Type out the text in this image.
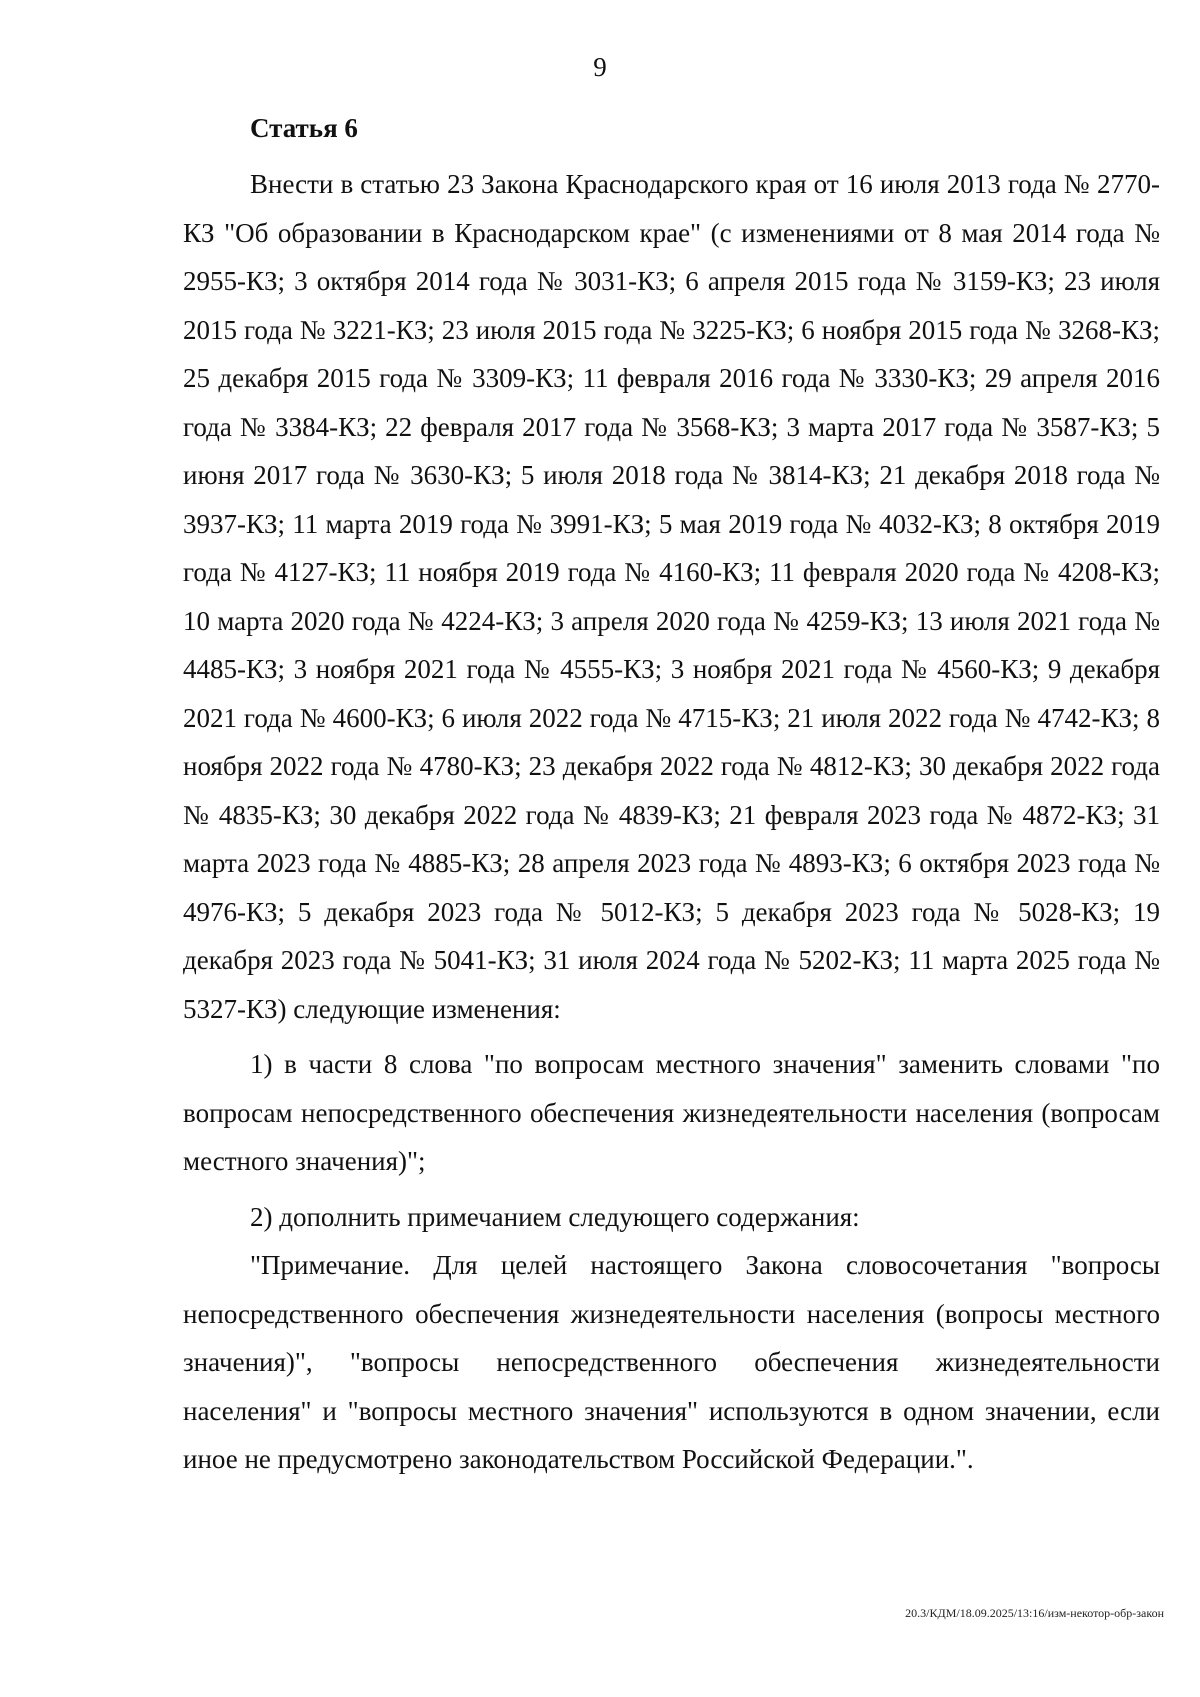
9
Статья 6

Внести в статью 23 Закона Краснодарского края от 16 июля 2013 года № 2770-КЗ "Об образовании в Краснодарском крае" (с изменениями от 8 мая 2014 года № 2955-КЗ; 3 октября 2014 года № 3031-КЗ; 6 апреля 2015 года № 3159-КЗ; 23 июля 2015 года № 3221-КЗ; 23 июля 2015 года № 3225-КЗ; 6 ноября 2015 года № 3268-КЗ; 25 декабря 2015 года № 3309-КЗ; 11 февраля 2016 года № 3330-КЗ; 29 апреля 2016 года № 3384-КЗ; 22 февраля 2017 года № 3568-КЗ; 3 марта 2017 года № 3587-КЗ; 5 июня 2017 года № 3630-КЗ; 5 июля 2018 года № 3814-КЗ; 21 декабря 2018 года № 3937-КЗ; 11 марта 2019 года № 3991-КЗ; 5 мая 2019 года № 4032-КЗ; 8 октября 2019 года № 4127-КЗ; 11 ноября 2019 года № 4160-КЗ; 11 февраля 2020 года № 4208-КЗ; 10 марта 2020 года № 4224-КЗ; 3 апреля 2020 года № 4259-КЗ; 13 июля 2021 года № 4485-КЗ; 3 ноября 2021 года № 4555-КЗ; 3 ноября 2021 года № 4560-КЗ; 9 декабря 2021 года № 4600-КЗ; 6 июля 2022 года № 4715-КЗ; 21 июля 2022 года № 4742-КЗ; 8 ноября 2022 года № 4780-КЗ; 23 декабря 2022 года № 4812-КЗ; 30 декабря 2022 года № 4835-КЗ; 30 декабря 2022 года № 4839-КЗ; 21 февраля 2023 года № 4872-КЗ; 31 марта 2023 года № 4885-КЗ; 28 апреля 2023 года № 4893-КЗ; 6 октября 2023 года № 4976-КЗ; 5 декабря 2023 года № 5012-КЗ; 5 декабря 2023 года № 5028-КЗ; 19 декабря 2023 года № 5041-КЗ; 31 июля 2024 года № 5202-КЗ; 11 марта 2025 года № 5327-КЗ) следующие изменения:

1) в части 8 слова "по вопросам местного значения" заменить словами "по вопросам непосредственного обеспечения жизнедеятельности населения (вопросам местного значения)";

2) дополнить примечанием следующего содержания:

"Примечание. Для целей настоящего Закона словосочетания "вопросы непосредственного обеспечения жизнедеятельности населения (вопросы местного значения)", "вопросы непосредственного обеспечения жизнедеятельности населения" и "вопросы местного значения" используются в одном значении, если иное не предусмотрено законодательством Российской Федерации.".

20.3/КДМ/18.09.2025/13:16/изм-некотор-обр-закон
